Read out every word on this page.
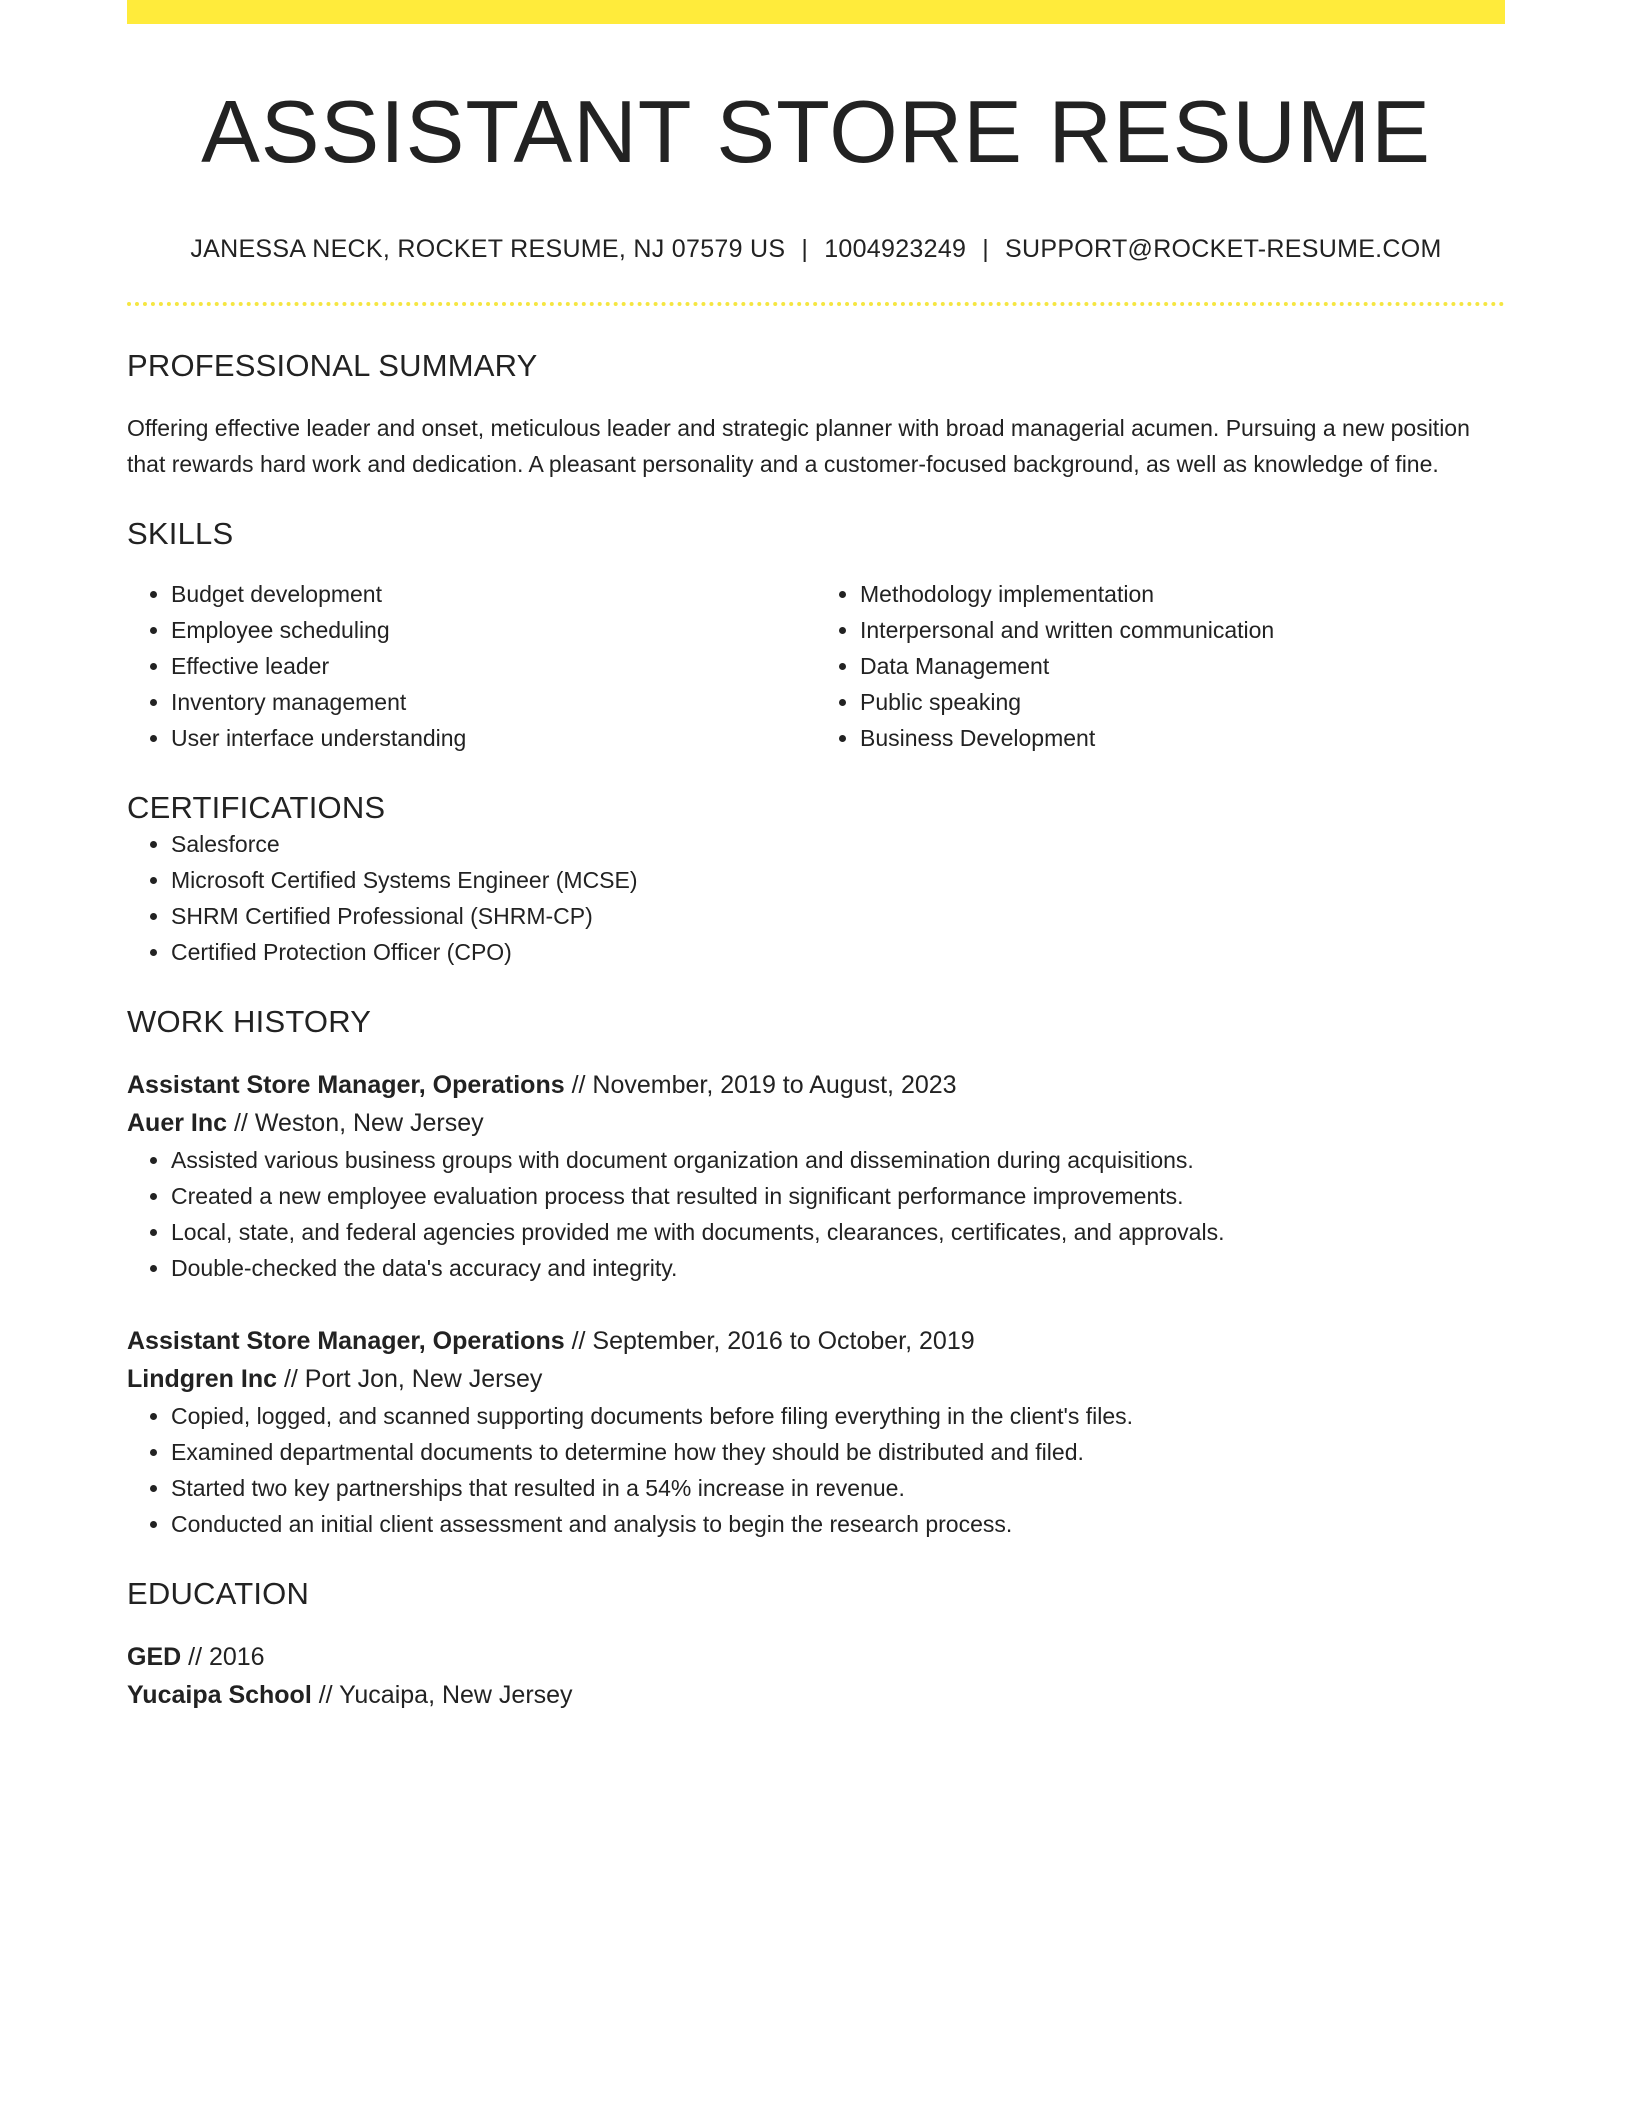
ASSISTANT STORE RESUME
JANESSA NECK, ROCKET RESUME, NJ 07579 US | 1004923249 | SUPPORT@ROCKET-RESUME.COM
PROFESSIONAL SUMMARY

Offering effective leader and onset, meticulous leader and strategic planner with broad managerial acumen. Pursuing a new position that rewards hard work and dedication. A pleasant personality and a customer-focused background, as well as knowledge of fine.

SKILLS
• Budget development
• Employee scheduling
• Effective leader
• Inventory management
• User interface understanding
• Methodology implementation
• Interpersonal and written communication
• Data Management
• Public speaking
• Business Development
CERTIFICATIONS
• Salesforce
• Microsoft Certified Systems Engineer (MCSE)
• SHRM Certified Professional (SHRM-CP)
• Certified Protection Officer (CPO)
WORK HISTORY
Assistant Store Manager, Operations // November, 2019 to August, 2023
Auer Inc // Weston, New Jersey
• Assisted various business groups with document organization and dissemination during acquisitions.
• Created a new employee evaluation process that resulted in significant performance improvements.
• Local, state, and federal agencies provided me with documents, clearances, certificates, and approvals.
• Double-checked the data's accuracy and integrity.
Assistant Store Manager, Operations // September, 2016 to October, 2019
Lindgren Inc // Port Jon, New Jersey
• Copied, logged, and scanned supporting documents before filing everything in the client's files.
• Examined departmental documents to determine how they should be distributed and filed.
• Started two key partnerships that resulted in a 54% increase in revenue.
• Conducted an initial client assessment and analysis to begin the research process.
EDUCATION
GED // 2016
Yucaipa School // Yucaipa, New Jersey
